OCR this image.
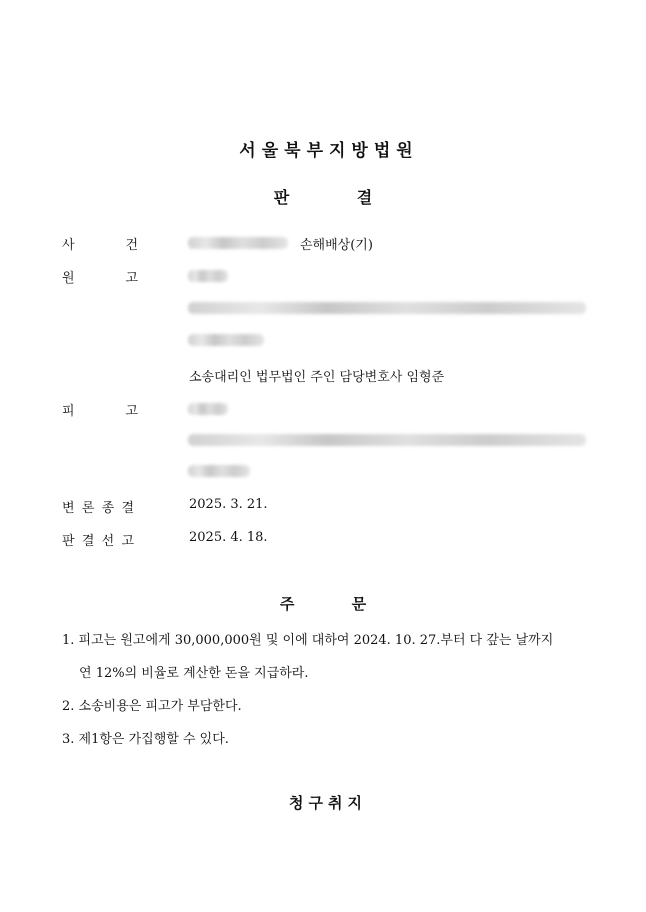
서울북부지방법원
판 결
사	건	손해배상(기)
원	고
소송대리인 법무법인 주인 담당변호사 임형준
피	고
변 론 종 결	2025. 3. 21.
판 결 선 고	2025. 4. 18.
주 문
1. 피고는 원고에게 30,000,000원 및 이에 대하여 2024. 10. 27.부터 다 갚는 날까지
연 12%의 비율로 계산한 돈을 지급하라.
2. 소송비용은 피고가 부담한다.
3. 제1항은 가집행할 수 있다.
청구취지
